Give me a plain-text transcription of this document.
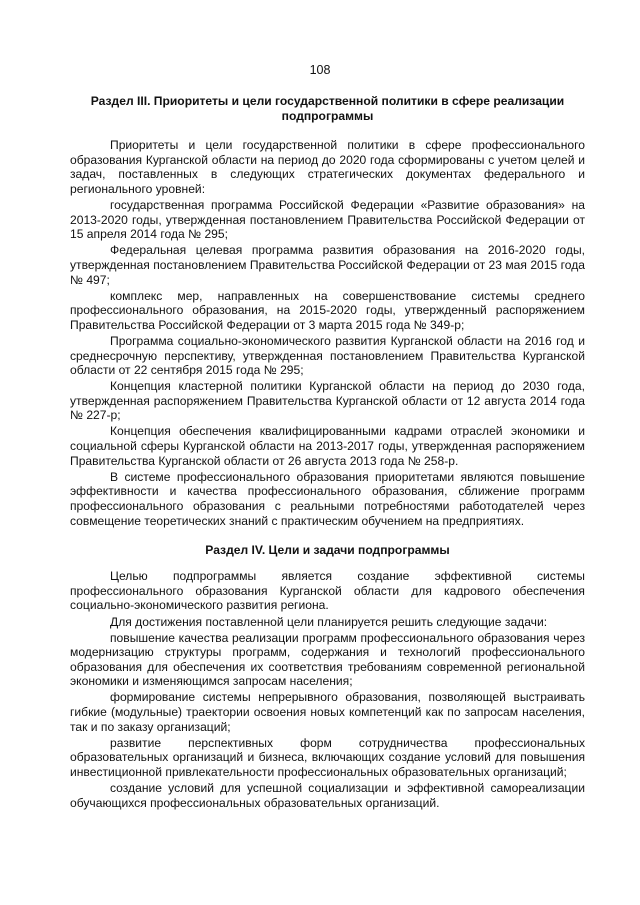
108
Раздел III. Приоритеты и цели государственной политики в сфере реализации подпрограммы

Приоритеты и цели государственной политики в сфере профессионального образования Курганской области на период до 2020 года сформированы с учетом целей и задач, поставленных в следующих стратегических документах федерального и регионального уровней:

государственная программа Российской Федерации «Развитие образования» на 2013-2020 годы, утвержденная постановлением Правительства Российской Федерации от 15 апреля 2014 года № 295;

Федеральная целевая программа развития образования на 2016-2020 годы, утвержденная постановлением Правительства Российской Федерации от 23 мая 2015 года № 497;

комплекс мер, направленных на совершенствование системы среднего профессионального образования, на 2015-2020 годы, утвержденный распоряжением Правительства Российской Федерации от 3 марта 2015 года № 349-р;

Программа социально-экономического развития Курганской области на 2016 год и среднесрочную перспективу, утвержденная постановлением Правительства Курганской области от 22 сентября 2015 года № 295;

Концепция кластерной политики Курганской области на период до 2030 года, утвержденная распоряжением Правительства Курганской области от 12 августа 2014 года № 227-р;

Концепция обеспечения квалифицированными кадрами отраслей экономики и социальной сферы Курганской области на 2013-2017 годы, утвержденная распоряжением Правительства Курганской области от 26 августа 2013 года № 258-р.

В системе профессионального образования приоритетами являются повышение эффективности и качества профессионального образования, сближение программ профессионального образования с реальными потребностями работодателей через совмещение теоретических знаний с практическим обучением на предприятиях.

Раздел IV. Цели и задачи подпрограммы

Целью подпрограммы является создание эффективной системы профессионального образования Курганской области для кадрового обеспечения социально-экономического развития региона.

Для достижения поставленной цели планируется решить следующие задачи:

повышение качества реализации программ профессионального образования через модернизацию структуры программ, содержания и технологий профессионального образования для обеспечения их соответствия требованиям современной региональной экономики и изменяющимся запросам населения;

формирование системы непрерывного образования, позволяющей выстраивать гибкие (модульные) траектории освоения новых компетенций как по запросам населения, так и по заказу организаций;

развитие перспективных форм сотрудничества профессиональных образовательных организаций и бизнеса, включающих создание условий для повышения инвестиционной привлекательности профессиональных образовательных организаций;

создание условий для успешной социализации и эффективной самореализации обучающихся профессиональных образовательных организаций.
